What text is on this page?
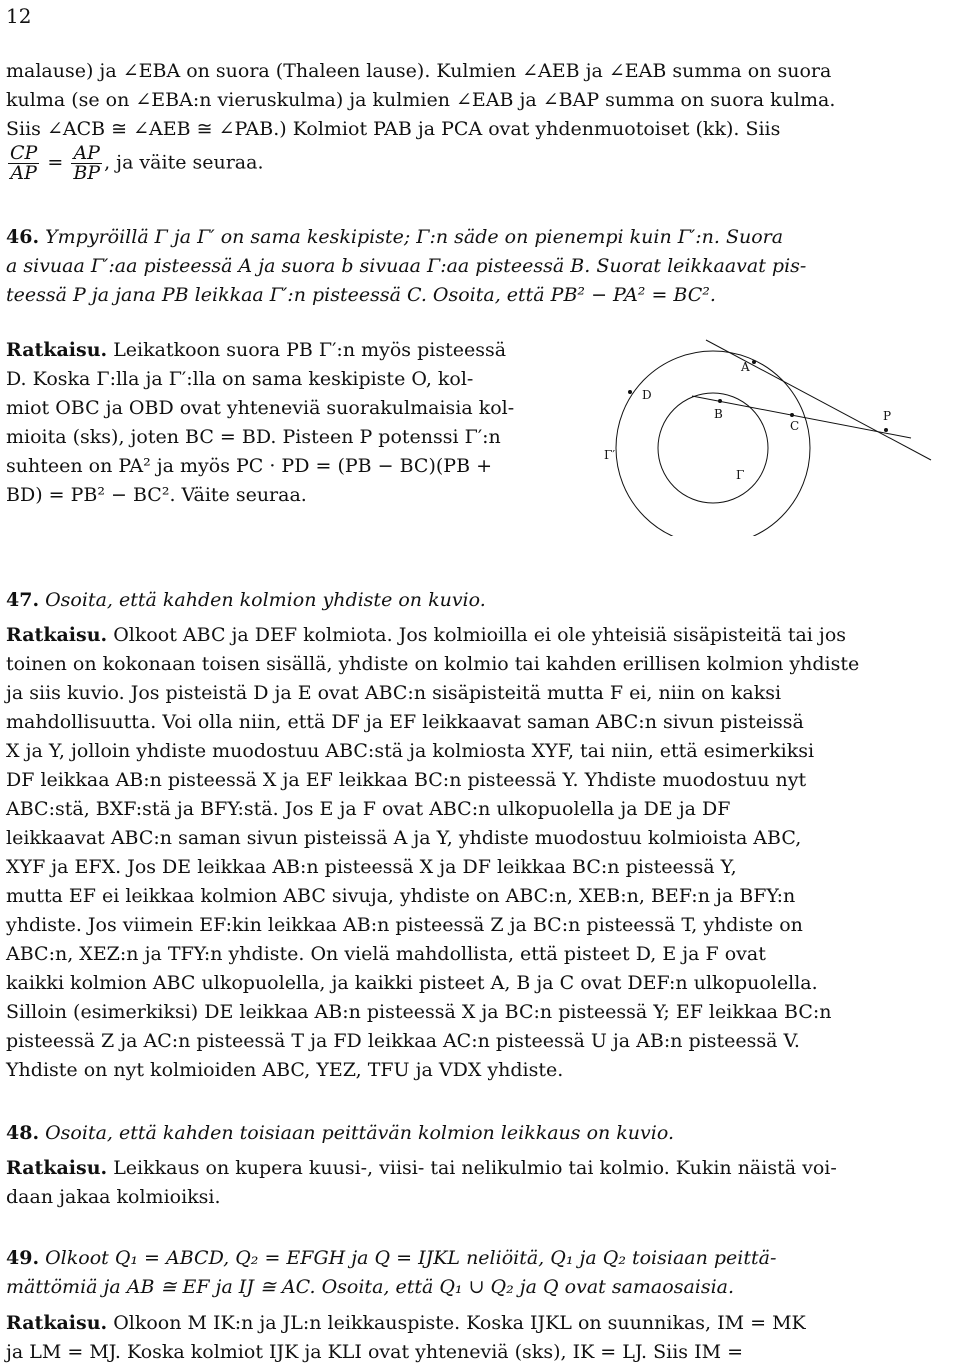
12
malause) ja ∠EBA on suora (Thaleen lause). Kulmien ∠AEB ja ∠EAB summa on suora
kulma (se on ∠EBA:n vieruskulma) ja kulmien ∠EAB ja ∠BAP summa on suora kulma.
Siis ∠ACB ≅ ∠AEB ≅ ∠PAB.) Kolmiot PAB ja PCA ovat yhdenmuotoiset (kk). Siis
$\frac{CP}{AP} = \frac{AP}{BP}$ , ja väite seuraa.
46. Ympyröillä Γ ja Γ′ on sama keskipiste; Γ:n säde on pienempi kuin Γ′:n. Suora
a sivuaa Γ′:aa pisteessä A ja suora b sivuaa Γ:aa pisteessä B. Suorat leikkaavat pis-
teessä P ja jana PB leikkaa Γ′:n pisteessä C. Osoita, että PB² − PA² = BC².
Ratkaisu. Leikatkoon suora PB Γ′:n myös pisteessä
D. Koska Γ:lla ja Γ′:lla on sama keskipiste O, kol-
miot OBC ja OBD ovat yhteneviä suorakulmaisia kol-
mioita (sks), joten BC = BD. Pisteen P potenssi Γ′:n
suhteen on PA² ja myös PC · PD = (PB − BC)(PB +
BD) = PB² − BC². Väite seuraa.
A
B
C
D
P
Γ
Γ′
47. Osoita, että kahden kolmion yhdiste on kuvio.
Ratkaisu. Olkoot ABC ja DEF kolmiota. Jos kolmioilla ei ole yhteisiä sisäpisteitä tai jos
toinen on kokonaan toisen sisällä, yhdiste on kolmio tai kahden erillisen kolmion yhdiste
ja siis kuvio. Jos pisteistä D ja E ovat ABC:n sisäpisteitä mutta F ei, niin on kaksi
mahdollisuutta. Voi olla niin, että DF ja EF leikkaavat saman ABC:n sivun pisteissä
X ja Y, jolloin yhdiste muodostuu ABC:stä ja kolmiosta XYF, tai niin, että esimerkiksi
DF leikkaa AB:n pisteessä X ja EF leikkaa BC:n pisteessä Y. Yhdiste muodostuu nyt
ABC:stä, BXF:stä ja BFY:stä. Jos E ja F ovat ABC:n ulkopuolella ja DE ja DF
leikkaavat ABC:n saman sivun pisteissä A ja Y, yhdiste muodostuu kolmioista ABC,
XYF ja EFX. Jos DE leikkaa AB:n pisteessä X ja DF leikkaa BC:n pisteessä Y,
mutta EF ei leikkaa kolmion ABC sivuja, yhdiste on ABC:n, XEB:n, BEF:n ja BFY:n
yhdiste. Jos viimein EF:kin leikkaa AB:n pisteessä Z ja BC:n pisteessä T, yhdiste on
ABC:n, XEZ:n ja TFY:n yhdiste. On vielä mahdollista, että pisteet D, E ja F ovat
kaikki kolmion ABC ulkopuolella, ja kaikki pisteet A, B ja C ovat DEF:n ulkopuolella.
Silloin (esimerkiksi) DE leikkaa AB:n pisteessä X ja BC:n pisteessä Y; EF leikkaa BC:n
pisteessä Z ja AC:n pisteessä T ja FD leikkaa AC:n pisteessä U ja AB:n pisteessä V.
Yhdiste on nyt kolmioiden ABC, YEZ, TFU ja VDX yhdiste.
48. Osoita, että kahden toisiaan peittävän kolmion leikkaus on kuvio.
Ratkaisu. Leikkaus on kupera kuusi-, viisi- tai nelikulmio tai kolmio. Kukin näistä voi-
daan jakaa kolmioiksi.
49. Olkoot Q₁ = ABCD, Q₂ = EFGH ja Q = IJKL neliöitä, Q₁ ja Q₂ toisiaan peittä-
mättömiä ja AB ≅ EF ja IJ ≅ AC. Osoita, että Q₁ ∪ Q₂ ja Q ovat samaosaisia.
Ratkaisu. Olkoon M IK:n ja JL:n leikkauspiste. Koska IJKL on suunnikas, IM = MK
ja LM = MJ. Koska kolmiot IJK ja KLI ovat yhteneviä (sks), IK = LJ. Siis IM =
